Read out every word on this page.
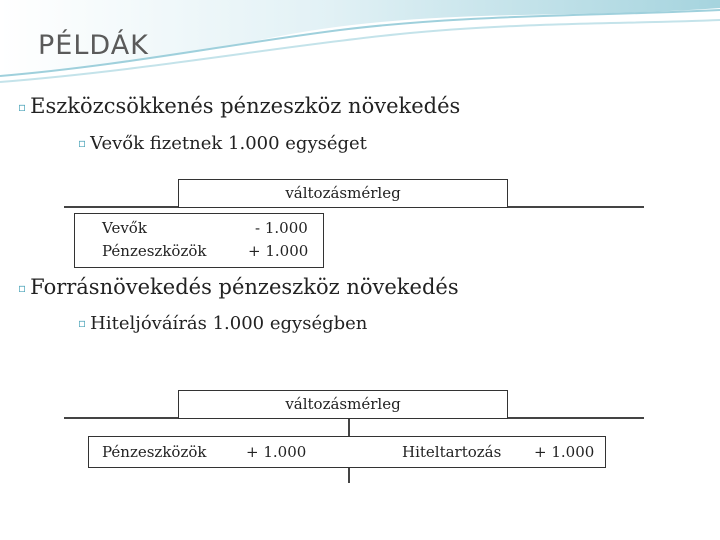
PÉLDÁK
▫ Eszközcsökkenés pénzeszköz növekedés
▫ Vevők fizetnek 1.000 egységet
változásmérleg
Vevők
Pénzeszközök
- 1.000
+ 1.000
▫ Forrásnövekedés pénzeszköz növekedés
▫ Hiteljóváírás 1.000 egységben
változásmérleg
Pénzeszközök	+ 1.000	Hiteltartozás + 1.000
